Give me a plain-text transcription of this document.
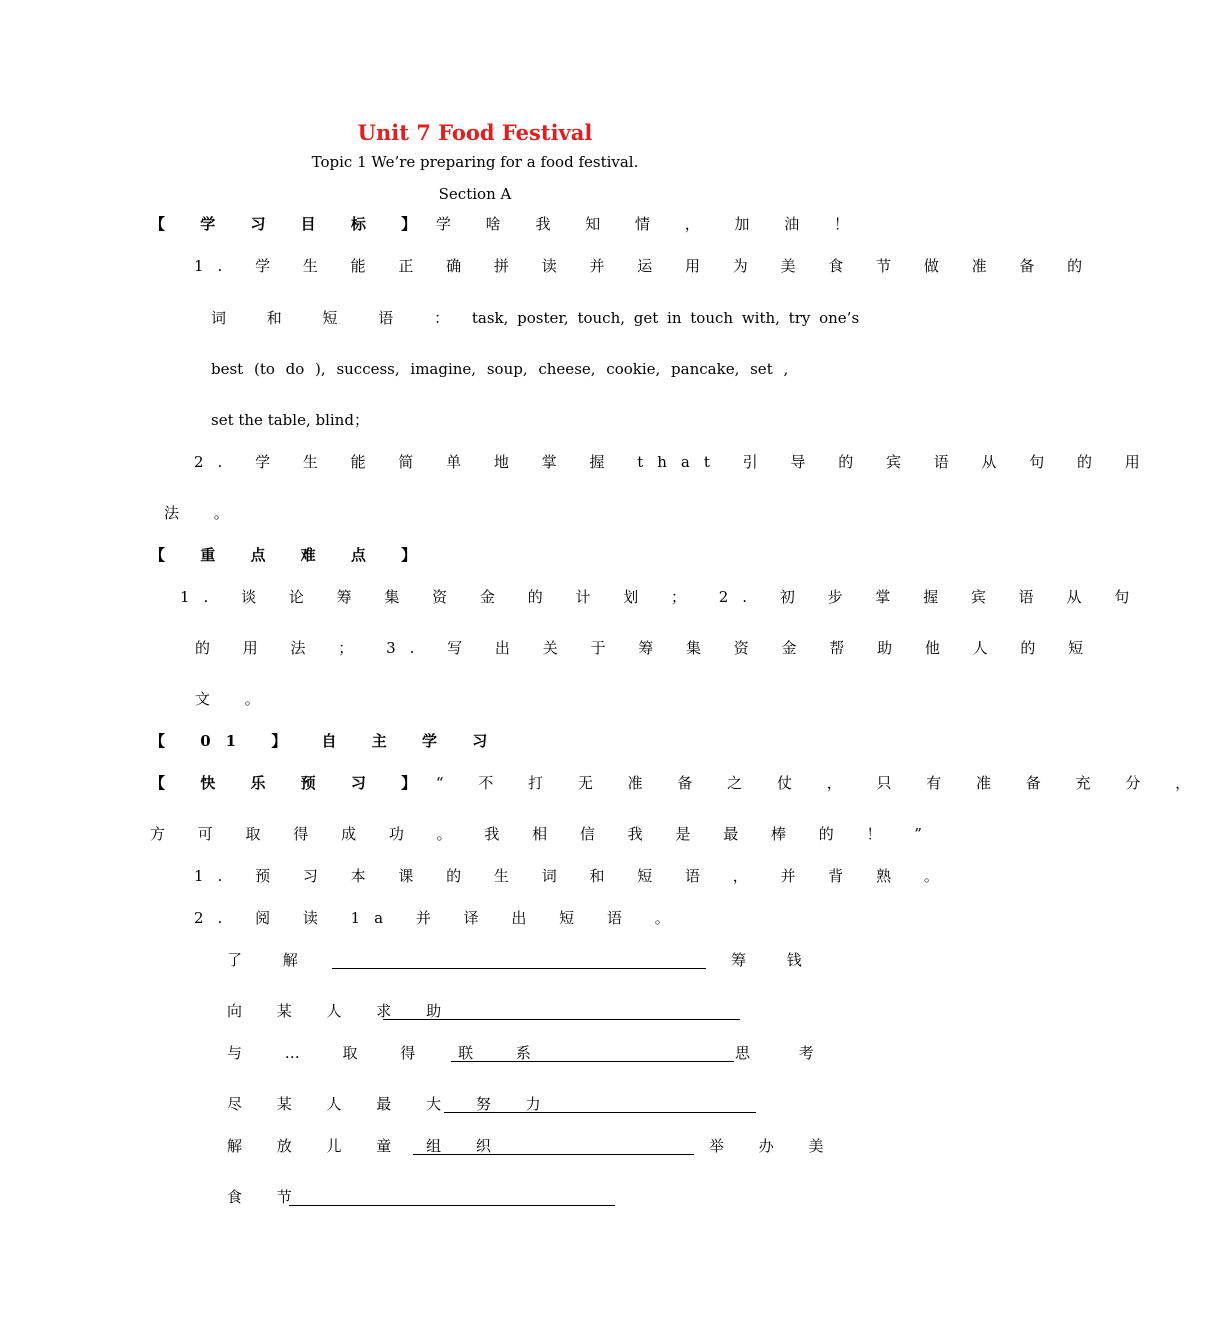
Unit 7 Food Festival
Topic 1 We’re preparing for a food festival.
Section A
【 学 习 目 标 】 学 啥 我 知 情 ， 加 油 ！
1. 学 生 能 正 确 拼 读 并 运 用 为 美 食 节 做 准 备 的
词 和 短 语 ： task, poster, touch, get in touch with, try one’s
best (to do ), success, imagine, soup, cheese, cookie, pancake, set ,
set the table, blind；
2. 学 生 能 简 单 地 掌 握 that 引 导 的 宾 语 从 句 的 用
法 。
【 重 点 难 点 】
1. 谈 论 筹 集 资 金 的 计 划 ； 2. 初 步 掌 握 宾 语 从 句
的 用 法 ； 3. 写 出 关 于 筹 集 资 金 帮 助 他 人 的 短
文 。
【 01 】 自 主 学 习
【 快 乐 预 习 】 “ 不 打 无 准 备 之 仗 ， 只 有 准 备 充 分 ，
方 可 取 得 成 功 。 我 相 信 我 是 最 棒 的 ！ ”
1. 预 习 本 课 的 生 词 和 短 语 ， 并 背 熟 。
2. 阅 读 1a 并 译 出 短 语 。
了 解	筹 钱
向 某 人 求 助
与 … 取 得 联 系	思 考
尽 某 人 最 大 努 力
解 放 儿 童 组 织	举 办 美
食 节
